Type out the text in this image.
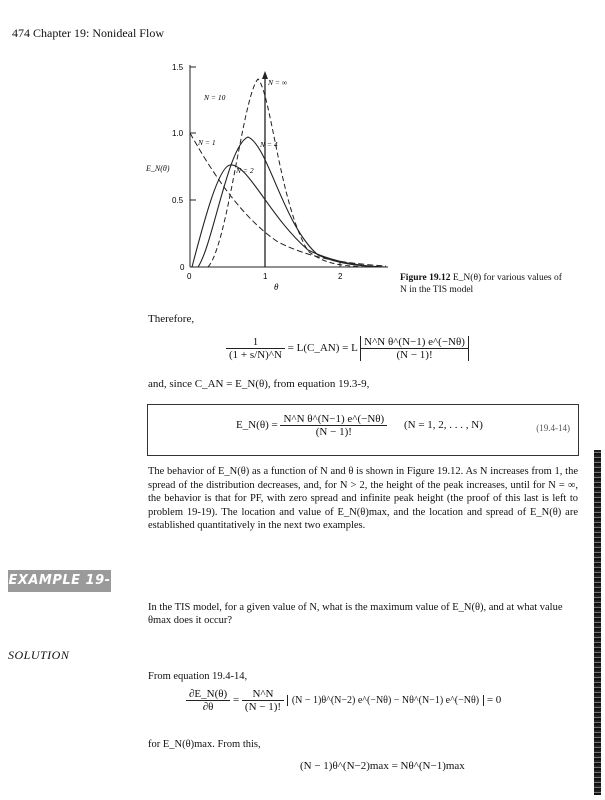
474 Chapter 19: Nonideal Flow
1.5
1.0
0.5
0
0	1	2
θ
N = 10
N = ∞
N = 1	N = 4
N = 2
E_N(θ)
Figure 19.12 E_N(θ) for various values of N in the TIS model
Therefore,
$\frac{1}{(1 + s/N)\^{}N}$ = L(C_AN) = L $\frac{\text{N\textasciicircum{}N θ\textasciicircum{}(N−1) e\textasciicircum{}(−Nθ)}}{(N - 1)!}$
and, since C_AN = E_N(θ), from equation 19.3-9,
E_N(θ) = $\frac{\text{N\textasciicircum{}N θ\textasciicircum{}(N−1) e\textasciicircum{}(−Nθ)}}{(N - 1)!} (N = 1$, 2, . . . , N)	(19.4-14)
The behavior of E_N(θ) as a function of N and θ is shown in Figure 19.12. As N increases from 1, the spread of the distribution decreases, and, for N > 2, the height of the peak increases, until for N = ∞, the behavior is that for PF, with zero spread and infinite peak height (the proof of this last is left to problem 19-19). The location and value of E_N(θ)max, and the location and spread of E_N(θ) are established quantitatively in the next two examples.
EXAMPLE 19-5	In the TIS model, for a given value of N, what is the maximum value of E_N(θ), and at what value θmax does it occur?
SOLUTION
From equation 19.4-14,
$\frac{\partial E\_N(\theta)}{\partial\theta} = \frac{N\^{}N}{(N - 1)!} (N$ − 1)θ^(N−2) e^(−Nθ) − Nθ^(N−1) e^(−Nθ) = 0
for E_N(θ)max. From this,
(N − 1)θ^(N−2)max = Nθ^(N−1)max
